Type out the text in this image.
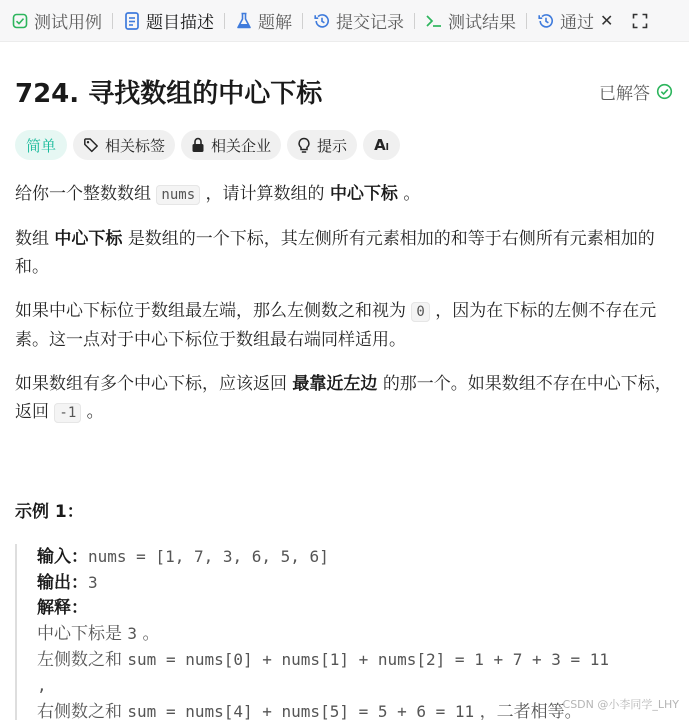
测试用例	题目描述	题解	提交记录	测试结果	通过 ✕
724. 寻找数组的中心下标	已解答
简单	相关标签	相关企业	提示 Aₗ

给你一个整数数组 nums ，请计算数组的 中心下标 。

数组 中心下标 是数组的一个下标，其左侧所有元素相加的和等于右侧所有元素相加的和。

如果中心下标位于数组最左端，那么左侧数之和视为 0 ，因为在下标的左侧不存在元素。这一点对于中心下标位于数组最右端同样适用。

如果数组有多个中心下标，应该返回 最靠近左边 的那一个。如果数组不存在中心下标，返回 -1 。

示例 1：
输入：nums = [1, 7, 3, 6, 5, 6]
输出：3
解释：
中心下标是 3 。
左侧数之和 sum = nums[0] + nums[1] + nums[2] = 1 + 7 + 3 = 11
,
右侧数之和 sum = nums[4] + nums[5] = 5 + 6 = 11 ，二者相等。
CSDN @小李同学_LHY
